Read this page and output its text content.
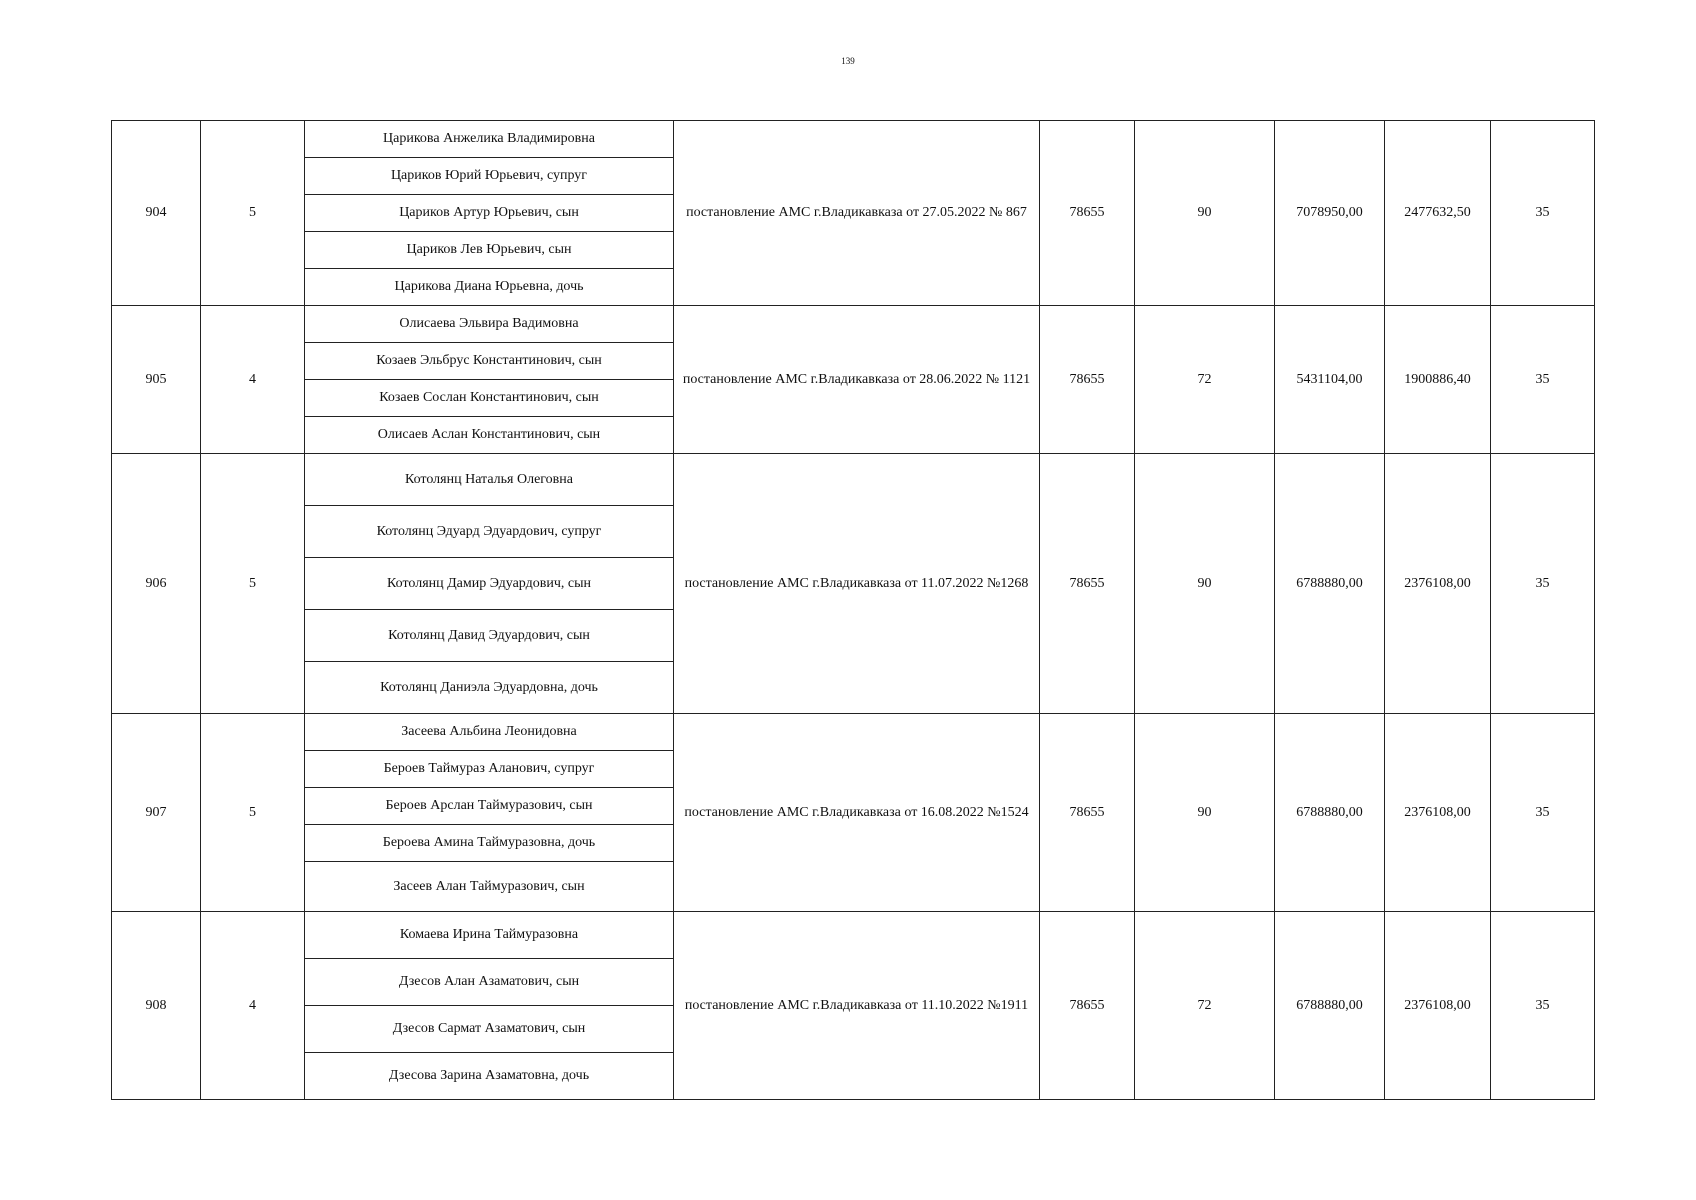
139
904	5	Царикова Анжелика Владимировна	постановление АМС г.Владикавказа от 27.05.2022 № 867	78655	90	7078950,00	2477632,50	35
		Цариков Юрий Юрьевич, супруг						
		Цариков Артур Юрьевич, сын						
		Цариков Лев Юрьевич, сын						
		Царикова Диана Юрьевна, дочь						
905	4	Олисаева Эльвира Вадимовна	постановление АМС г.Владикавказа от 28.06.2022 № 1121	78655	72	5431104,00	1900886,40	35
		Козаев Эльбрус Константинович, сын						
		Козаев Сослан Константинович, сын						
		Олисаев Аслан Константинович, сын						
906	5	Котолянц Наталья Олеговна	постановление АМС г.Владикавказа от 11.07.2022 №1268	78655	90	6788880,00	2376108,00	35
		Котолянц Эдуард Эдуардович, супруг						
		Котолянц Дамир Эдуардович, сын						
		Котолянц Давид Эдуардович, сын						
		Котолянц Даниэла Эдуардовна, дочь						
907	5	Засеева Альбина Леонидовна	постановление АМС г.Владикавказа от 16.08.2022 №1524	78655	90	6788880,00	2376108,00	35
		Бероев Таймураз Аланович, супруг						
		Бероев Арслан Таймуразович, сын						
		Бероева Амина Таймуразовна, дочь						
		Засеев Алан Таймуразович, сын						
908	4	Комаева Ирина Таймуразовна	постановление АМС г.Владикавказа от 11.10.2022 №1911	78655	72	6788880,00	2376108,00	35
		Дзесов Алан Азаматович, сын						
		Дзесов Сармат Азаматович, сын						
		Дзесова Зарина Азаматовна, дочь						
